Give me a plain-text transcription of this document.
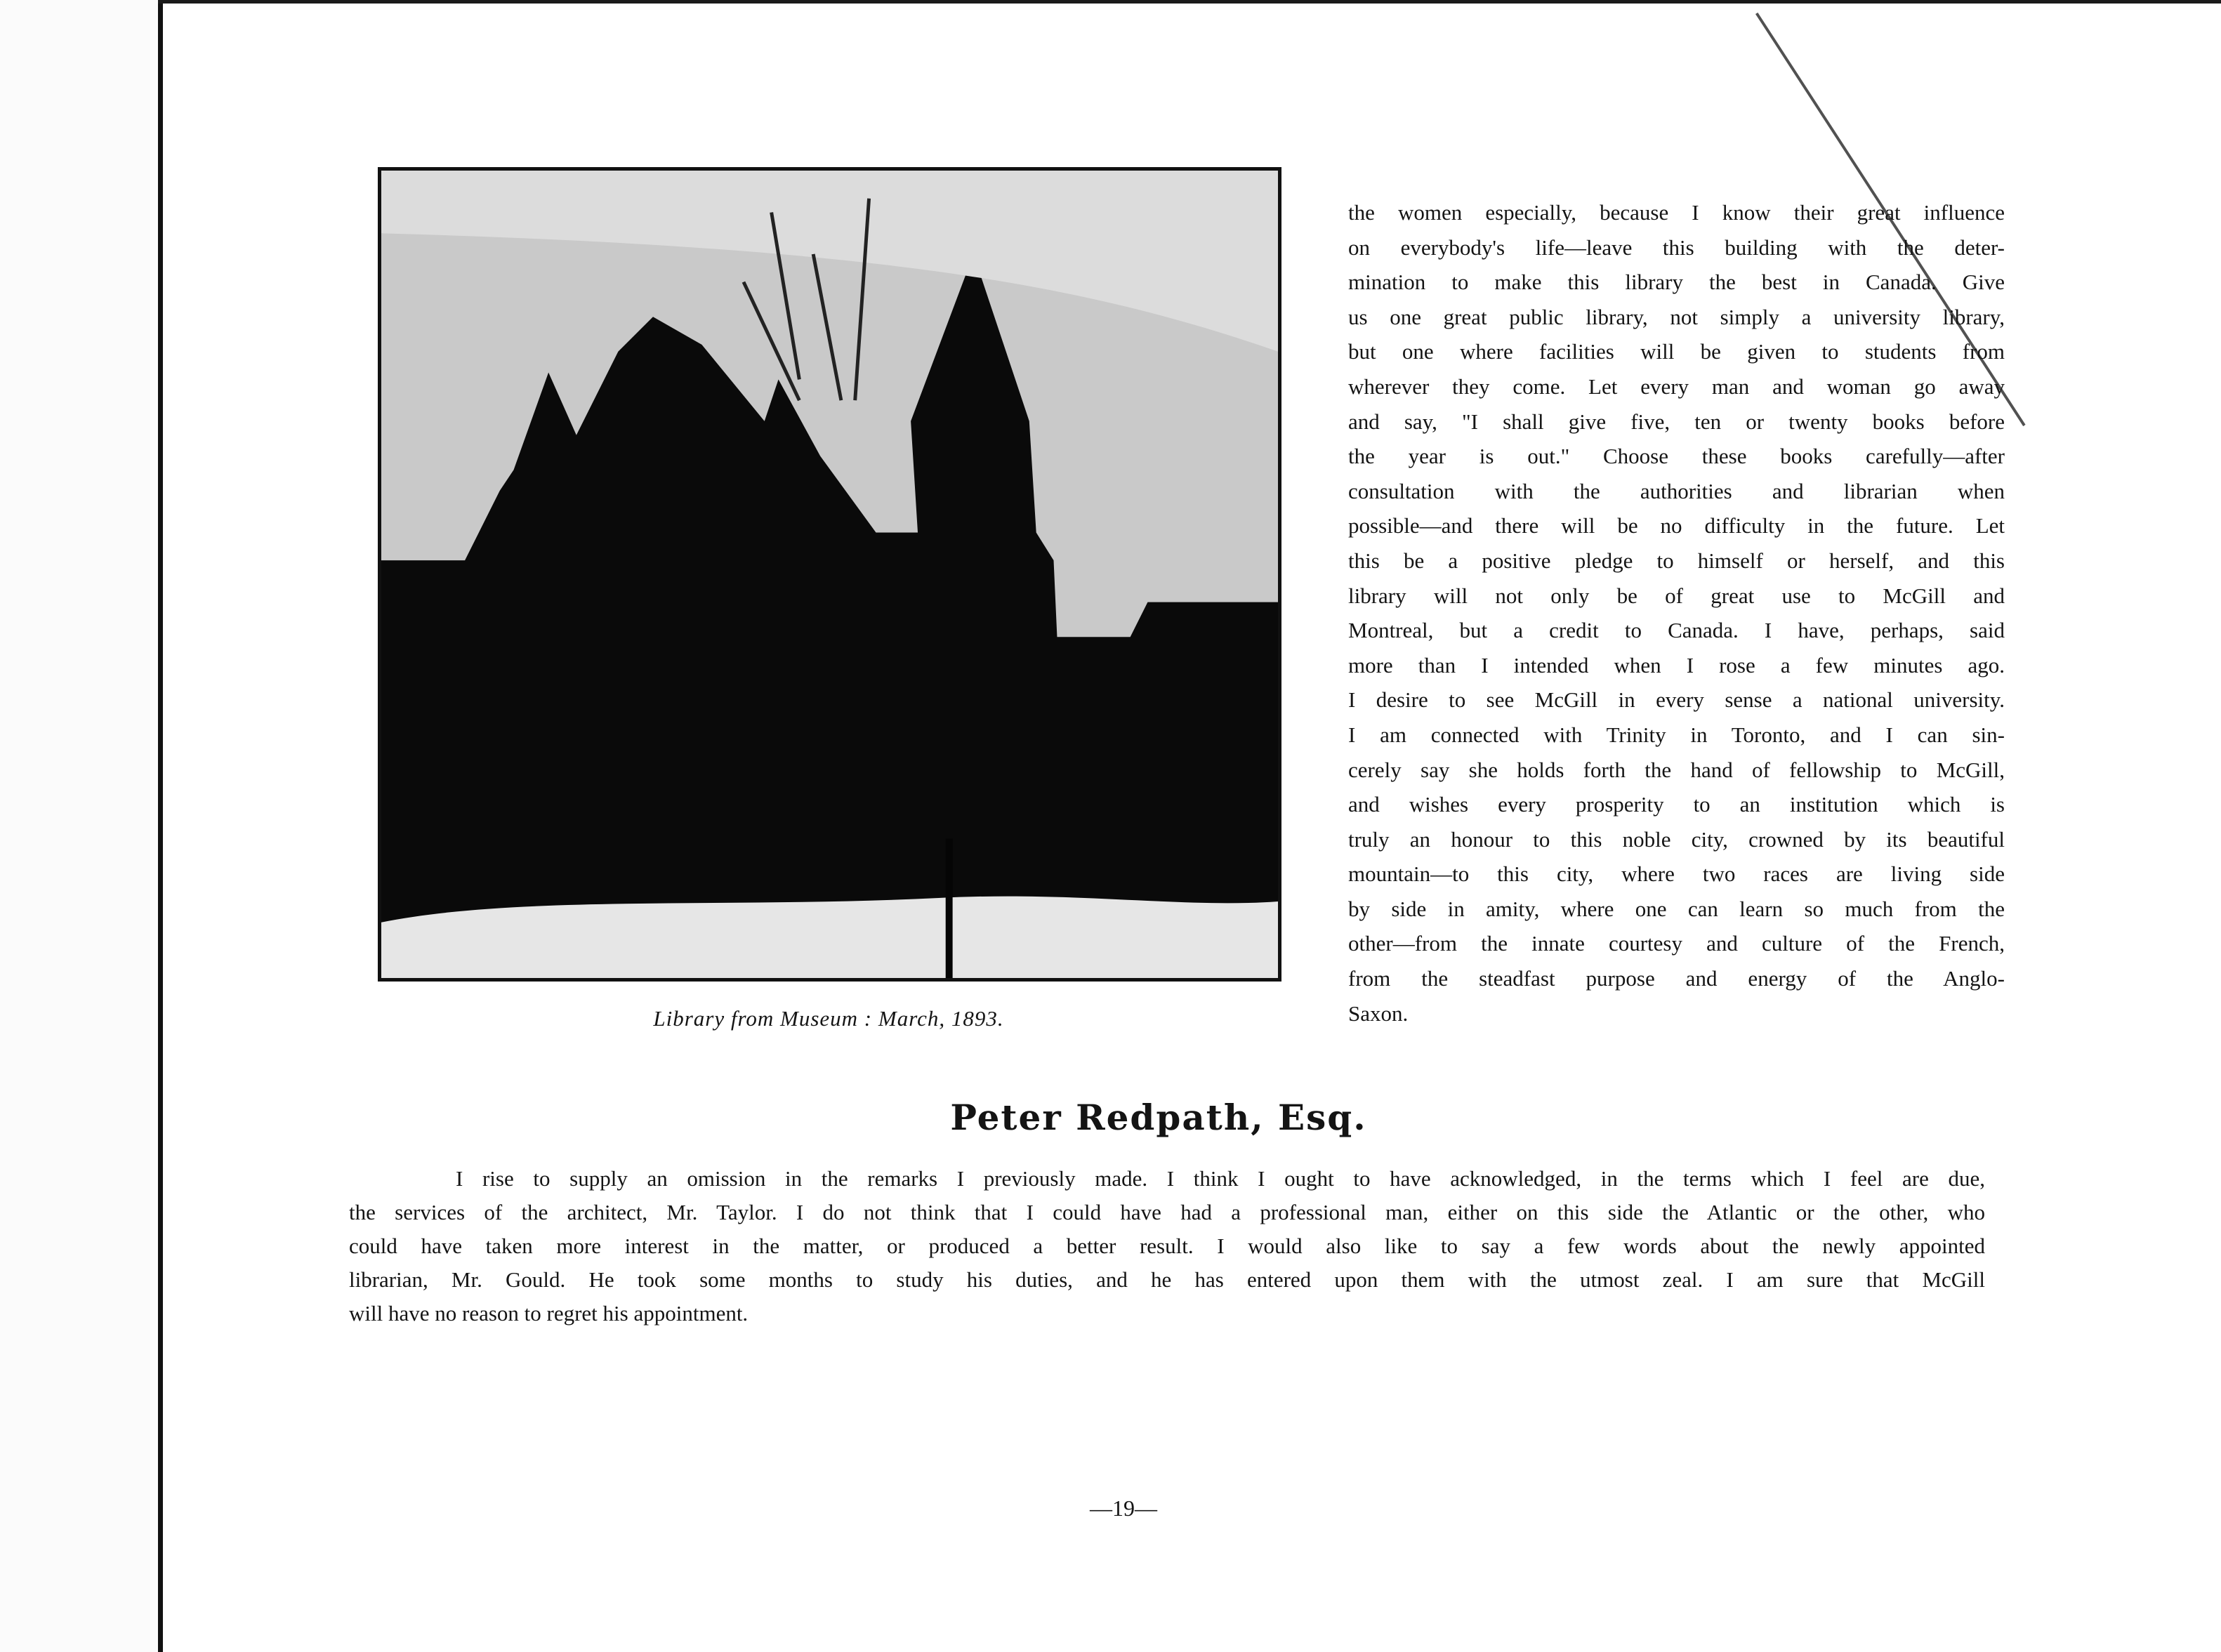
Library from Museum : March, 1893.
the women especially, because I know their great influence
on everybody's life—leave this building with the deter-
mination to make this library the best in Canada. Give
us one great public library, not simply a university library,
but one where facilities will be given to students from
wherever they come. Let every man and woman go away
and say, "I shall give five, ten or twenty books before
the year is out." Choose these books carefully—after
consultation with the authorities and librarian when
possible—and there will be no difficulty in the future. Let
this be a positive pledge to himself or herself, and this
library will not only be of great use to McGill and
Montreal, but a credit to Canada. I have, perhaps, said
more than I intended when I rose a few minutes ago.
I desire to see McGill in every sense a national university.
I am connected with Trinity in Toronto, and I can sin-
cerely say she holds forth the hand of fellowship to McGill,
and wishes every prosperity to an institution which is
truly an honour to this noble city, crowned by its beautiful
mountain—to this city, where two races are living side
by side in amity, where one can learn so much from the
other—from the innate courtesy and culture of the French,
from the steadfast purpose and energy of the Anglo-
Saxon.
Peter Redpath, Esq.
I rise to supply an omission in the remarks I previously made. I think I ought to have acknowledged, in the terms which I feel are due,
the services of the architect, Mr. Taylor. I do not think that I could have had a professional man, either on this side the Atlantic or the other, who
could have taken more interest in the matter, or produced a better result. I would also like to say a few words about the newly appointed
librarian, Mr. Gould. He took some months to study his duties, and he has entered upon them with the utmost zeal. I am sure that McGill
will have no reason to regret his appointment.
—19—
